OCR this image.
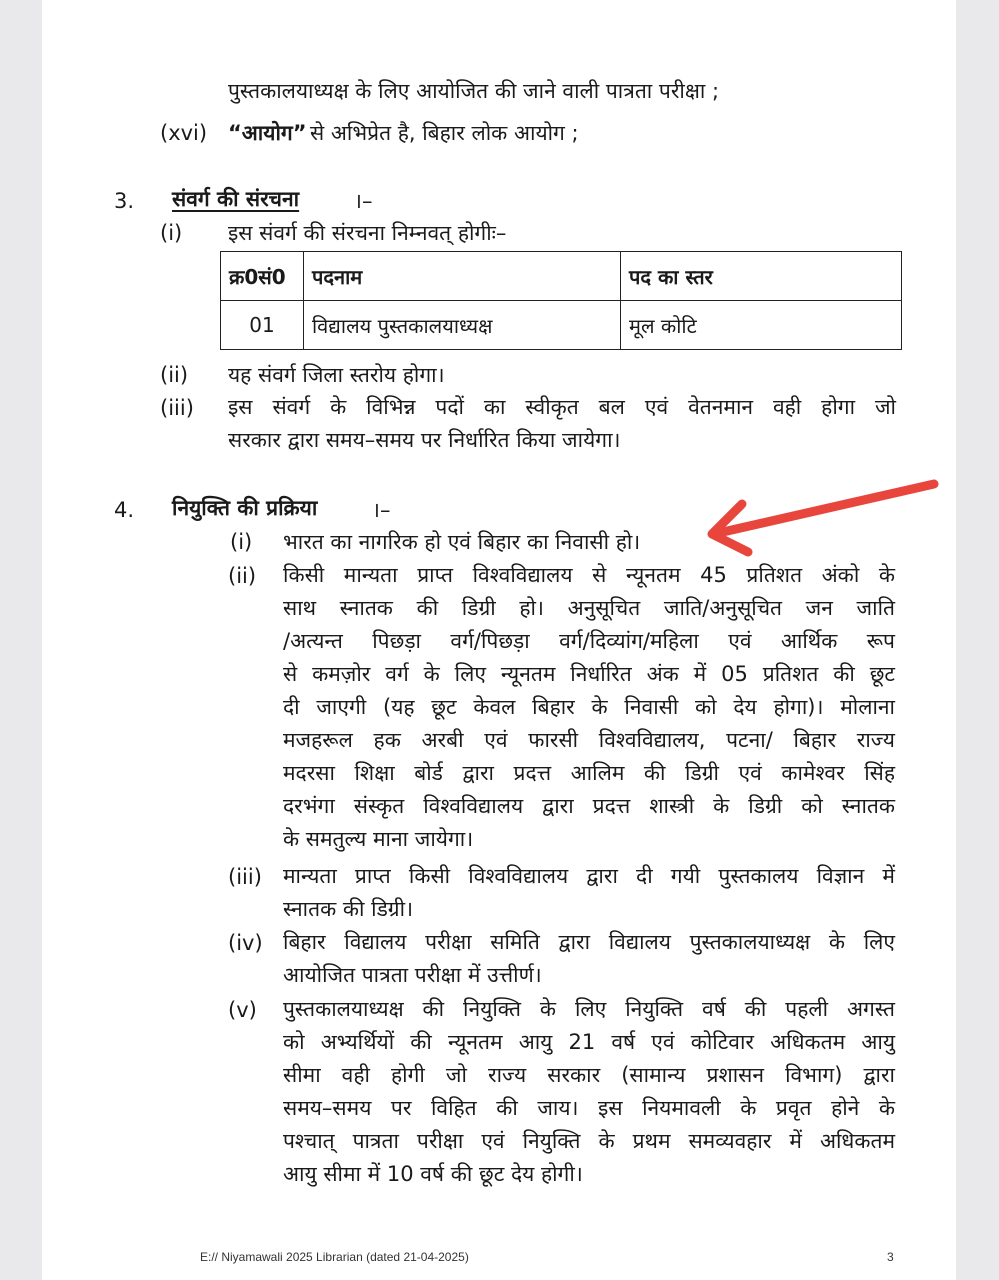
पुस्तकालयाध्यक्ष के लिए आयोजित की जाने वाली पात्रता परीक्षा ;
(xvi) “आयोग” से अभिप्रेत है, बिहार लोक आयोग ;
3. संवर्ग की संरचना	।–
(i) इस संवर्ग की संरचना निम्नवत् होगीः–
क्र0सं0	पदनाम	पद का स्तर
01	विद्यालय पुस्तकालयाध्यक्ष	मूल कोटि
(ii) यह संवर्ग जिला स्तरोय होगा।
(iii) इस संवर्ग के विभिन्न पदों का स्वीकृत बल एवं वेतनमान वही होगा जो
सरकार द्वारा समय–समय पर निर्धारित किया जायेगा।
4. नियुक्ति की प्रक्रिया	।–
(i) भारत का नागरिक हो एवं बिहार का निवासी हो।
(ii) किसी मान्यता प्राप्त विश्वविद्यालय से न्यूनतम 45 प्रतिशत अंको के
साथ स्नातक की डिग्री हो। अनुसूचित जाति/अनुसूचित जन जाति
/अत्यन्त पिछड़ा वर्ग/पिछड़ा वर्ग/दिव्यांग/महिला एवं आर्थिक रूप
से कमज़ोर वर्ग के लिए न्यूनतम निर्धारित अंक में 05 प्रतिशत की छूट
दी जाएगी (यह छूट केवल बिहार के निवासी को देय होगा)। मोलाना
मजहरूल हक अरबी एवं फारसी विश्वविद्यालय, पटना/ बिहार राज्य
मदरसा शिक्षा बोर्ड द्वारा प्रदत्त आलिम की डिग्री एवं कामेश्वर सिंह
दरभंगा संस्कृत विश्वविद्यालय द्वारा प्रदत्त शास्त्री के डिग्री को स्नातक
के समतुल्य माना जायेगा।
(iii) मान्यता प्राप्त किसी विश्वविद्यालय द्वारा दी गयी पुस्तकालय विज्ञान में
स्नातक की डिग्री।
(iv) बिहार विद्यालय परीक्षा समिति द्वारा विद्यालय पुस्तकालयाध्यक्ष के लिए
आयोजित पात्रता परीक्षा में उत्तीर्ण।
(v) पुस्तकालयाध्यक्ष की नियुक्ति के लिए नियुक्ति वर्ष की पहली अगस्त
को अभ्यर्थियों की न्यूनतम आयु 21 वर्ष एवं कोटिवार अधिकतम आयु
सीमा वही होगी जो राज्य सरकार (सामान्य प्रशासन विभाग) द्वारा
समय–समय पर विहित की जाय। इस नियमावली के प्रवृत होने के
पश्चात् पात्रता परीक्षा एवं नियुक्ति के प्रथम समव्यवहार में अधिकतम
आयु सीमा में 10 वर्ष की छूट देय होगी।
E:// Niyamawali 2025 Librarian (dated 21-04-2025)	3
